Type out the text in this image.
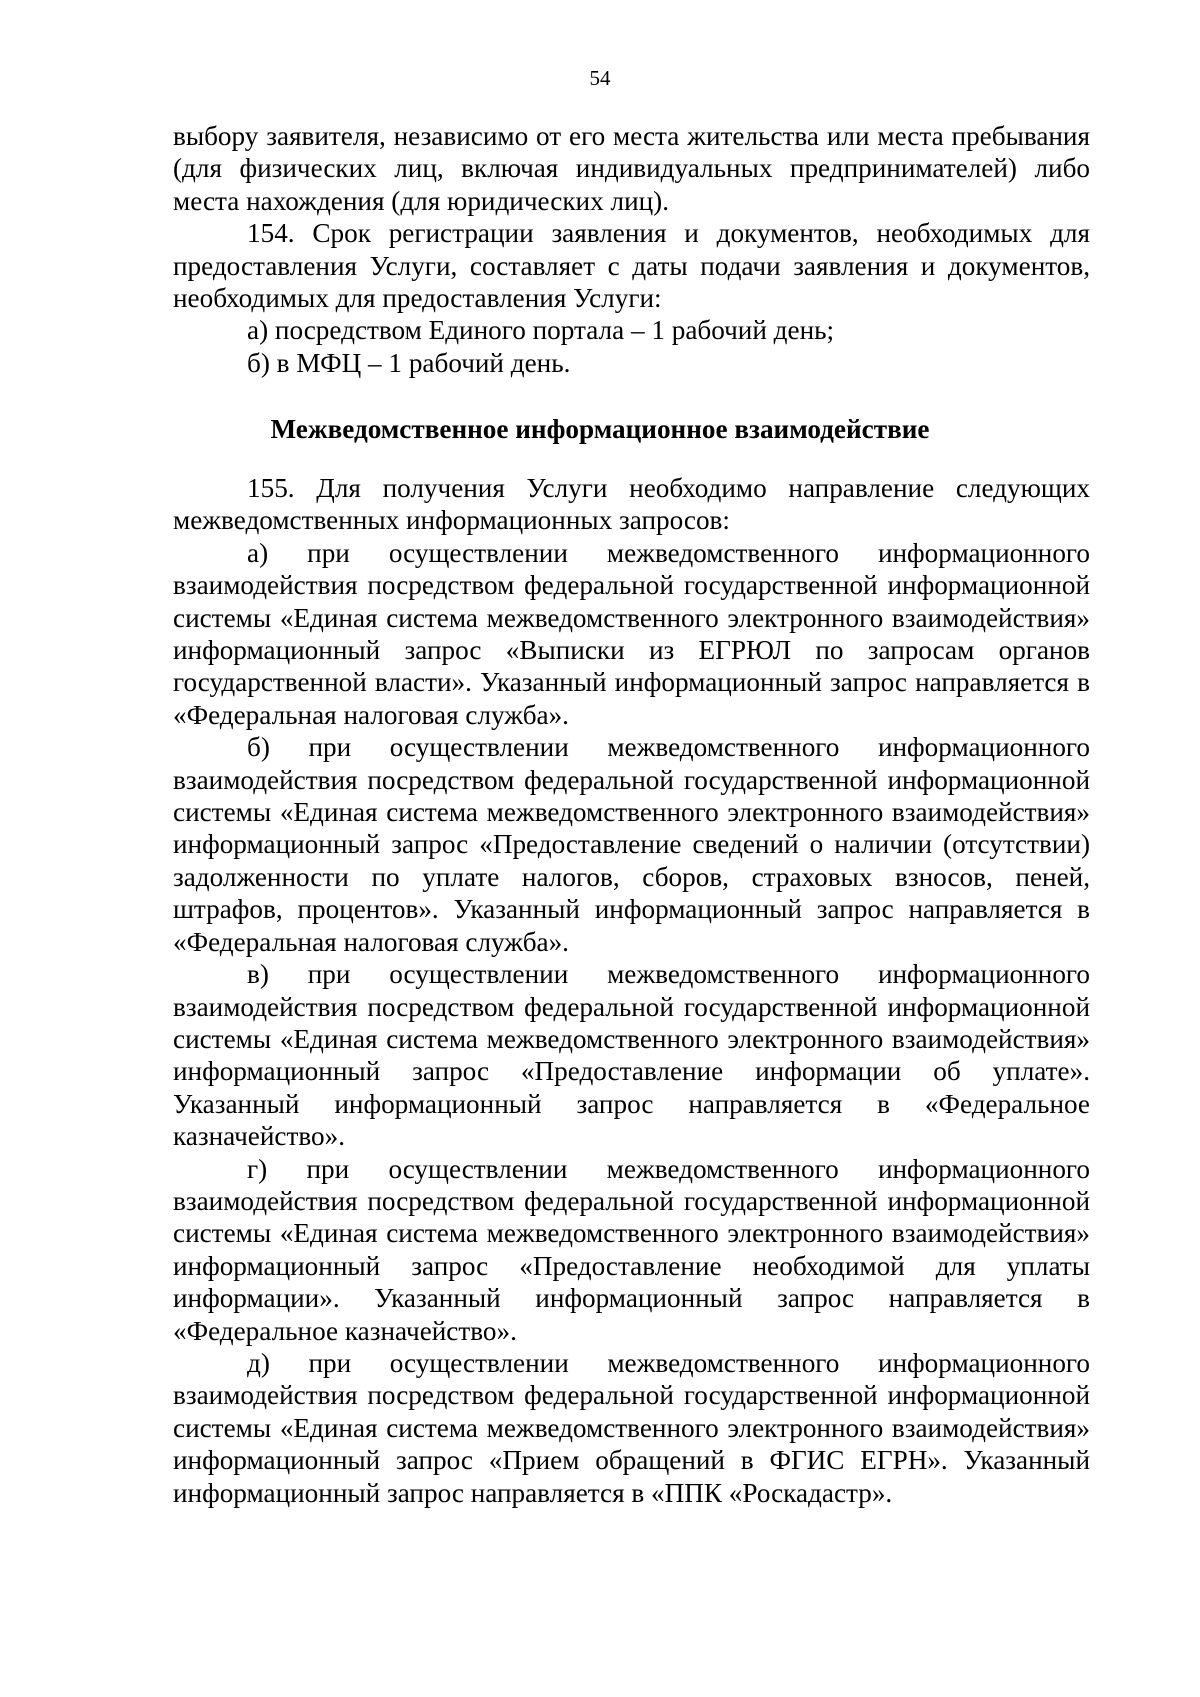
54

выбору заявителя, независимо от его места жительства или места пребывания (для физических лиц, включая индивидуальных предпринимателей) либо места нахождения (для юридических лиц).

154. Срок регистрации заявления и документов, необходимых для предоставления Услуги, составляет с даты подачи заявления и документов, необходимых для предоставления Услуги:

а) посредством Единого портала – 1 рабочий день;

б) в МФЦ – 1 рабочий день.

Межведомственное информационное взаимодействие

155. Для получения Услуги необходимо направление следующих межведомственных информационных запросов:

а) при осуществлении межведомственного информационного взаимодействия посредством федеральной государственной информационной системы «Единая система межведомственного электронного взаимодействия» информационный запрос «Выписки из ЕГРЮЛ по запросам органов государственной власти». Указанный информационный запрос направляется в «Федеральная налоговая служба».

б) при осуществлении межведомственного информационного взаимодействия посредством федеральной государственной информационной системы «Единая система межведомственного электронного взаимодействия» информационный запрос «Предоставление сведений о наличии (отсутствии) задолженности по уплате налогов, сборов, страховых взносов, пеней, штрафов, процентов». Указанный информационный запрос направляется в «Федеральная налоговая служба».

в) при осуществлении межведомственного информационного взаимодействия посредством федеральной государственной информационной системы «Единая система межведомственного электронного взаимодействия» информационный запрос «Предоставление информации об уплате». Указанный информационный запрос направляется в «Федеральное казначейство».

г) при осуществлении межведомственного информационного взаимодействия посредством федеральной государственной информационной системы «Единая система межведомственного электронного взаимодействия» информационный запрос «Предоставление необходимой для уплаты информации». Указанный информационный запрос направляется в «Федеральное казначейство».

д) при осуществлении межведомственного информационного взаимодействия посредством федеральной государственной информационной системы «Единая система межведомственного электронного взаимодействия» информационный запрос «Прием обращений в ФГИС ЕГРН». Указанный информационный запрос направляется в «ППК «Роскадастр».
